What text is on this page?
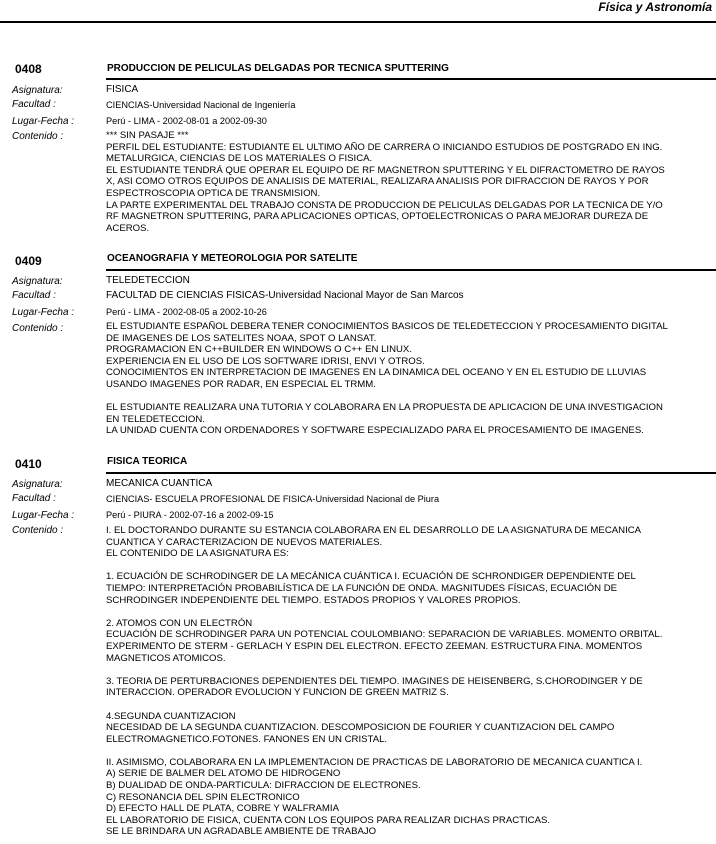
Física y Astronomía
0408	PRODUCCION DE PELICULAS DELGADAS POR TECNICA SPUTTERING
Asignatura:	FISICA
Facultad :	CIENCIAS-Universidad Nacional de Ingeniería
Lugar-Fecha :	Perú - LIMA - 2002-08-01 a 2002-09-30
Contenido :	*** SIN PASAJE ***
PERFIL DEL ESTUDIANTE: ESTUDIANTE EL ULTIMO AÑO DE CARRERA O INICIANDO ESTUDIOS DE POSTGRADO EN ING.
METALURGICA, CIENCIAS DE LOS MATERIALES O FISICA.
EL ESTUDIANTE TENDRÁ QUE OPERAR EL EQUIPO DE RF MAGNETRON SPUTTERING Y EL DIFRACTOMETRO DE RAYOS
X, ASI COMO OTROS EQUIPOS DE ANALISIS DE MATERIAL, REALIZARA ANALISIS POR DIFRACCION DE RAYOS Y POR
ESPECTROSCOPIA OPTICA DE TRANSMISION.
LA PARTE EXPERIMENTAL DEL TRABAJO CONSTA DE PRODUCCION DE PELICULAS DELGADAS POR LA TECNICA DE Y/O
RF MAGNETRON SPUTTERING, PARA APLICACIONES OPTICAS, OPTOELECTRONICAS O PARA MEJORAR DUREZA DE
ACEROS.
0409	OCEANOGRAFIA Y METEOROLOGIA POR SATELITE
Asignatura:	TELEDETECCION
Facultad :	FACULTAD DE CIENCIAS FISICAS-Universidad Nacional Mayor de San Marcos
Lugar-Fecha :	Perú - LIMA - 2002-08-05 a 2002-10-26
Contenido :	EL ESTUDIANTE ESPAÑOL DEBERA TENER CONOCIMIENTOS BASICOS DE TELEDETECCION Y PROCESAMIENTO DIGITAL
DE IMAGENES DE LOS SATELITES NOAA, SPOT O LANSAT.
PROGRAMACION EN C++BUILDER EN WINDOWS O C++ EN LINUX.
EXPERIENCIA EN EL USO DE LOS SOFTWARE IDRISI, ENVI Y OTROS.
CONOCIMIENTOS EN INTERPRETACION DE IMAGENES EN LA DINAMICA DEL OCEANO Y EN EL ESTUDIO DE LLUVIAS
USANDO IMAGENES POR RADAR, EN ESPECIAL EL TRMM.

EL ESTUDIANTE REALIZARA UNA TUTORIA Y COLABORARA EN LA PROPUESTA DE APLICACION DE UNA INVESTIGACION
EN TELEDETECCION.
LA UNIDAD CUENTA CON ORDENADORES Y SOFTWARE ESPECIALIZADO PARA EL PROCESAMIENTO DE IMAGENES.
0410	FISICA TEORICA
Asignatura:	MECANICA CUANTICA
Facultad :	CIENCIAS- ESCUELA PROFESIONAL DE FISICA-Universidad Nacional de Piura
Lugar-Fecha :	Perú - PIURA - 2002-07-16 a 2002-09-15
Contenido :	I. EL DOCTORANDO DURANTE SU ESTANCIA COLABORARA EN EL DESARROLLO DE LA ASIGNATURA DE MECANICA
CUANTICA Y CARACTERIZACION DE NUEVOS MATERIALES.
EL CONTENIDO DE LA ASIGNATURA ES:

1. ECUACIÓN DE SCHRODINGER DE LA MECÁNICA CUÁNTICA I. ECUACIÓN DE SCHRONDIGER DEPENDIENTE DEL
TIEMPO: INTERPRETACIÓN PROBABILÍSTICA DE LA FUNCIÓN DE ONDA. MAGNITUDES FÍSICAS, ECUACIÓN DE
SCHRODINGER INDEPENDIENTE DEL TIEMPO. ESTADOS PROPIOS Y VALORES PROPIOS.

2. ATOMOS CON UN ELECTRÓN
ECUACIÓN DE SCHRODINGER PARA UN POTENCIAL COULOMBIANO: SEPARACION DE VARIABLES. MOMENTO ORBITAL.
EXPERIMENTO DE STERM - GERLACH Y ESPIN DEL ELECTRON. EFECTO ZEEMAN. ESTRUCTURA FINA. MOMENTOS
MAGNETICOS ATOMICOS.

3. TEORIA DE PERTURBACIONES DEPENDIENTES DEL TIEMPO. IMAGINES DE HEISENBERG, S.CHORODINGER Y DE
INTERACCION. OPERADOR EVOLUCION Y FUNCION DE GREEN MATRIZ S.

4.SEGUNDA CUANTIZACION
NECESIDAD DE LA SEGUNDA CUANTIZACION. DESCOMPOSICION DE FOURIER Y CUANTIZACION DEL CAMPO
ELECTROMAGNETICO.FOTONES. FANONES EN UN CRISTAL.

II. ASIMISMO, COLABORARA EN LA IMPLEMENTACION DE PRACTICAS DE LABORATORIO DE MECANICA CUANTICA I.
A) SERIE DE BALMER DEL ATOMO DE HIDROGENO
B) DUALIDAD DE ONDA-PARTICULA: DIFRACCION DE ELECTRONES.
C) RESONANCIA DEL SPIN ELECTRONICO
D) EFECTO HALL DE PLATA, COBRE Y WALFRAMIA
EL LABORATORIO DE FISICA, CUENTA CON LOS EQUIPOS PARA REALIZAR DICHAS PRACTICAS.
SE LE BRINDARA UN AGRADABLE AMBIENTE DE TRABAJO
